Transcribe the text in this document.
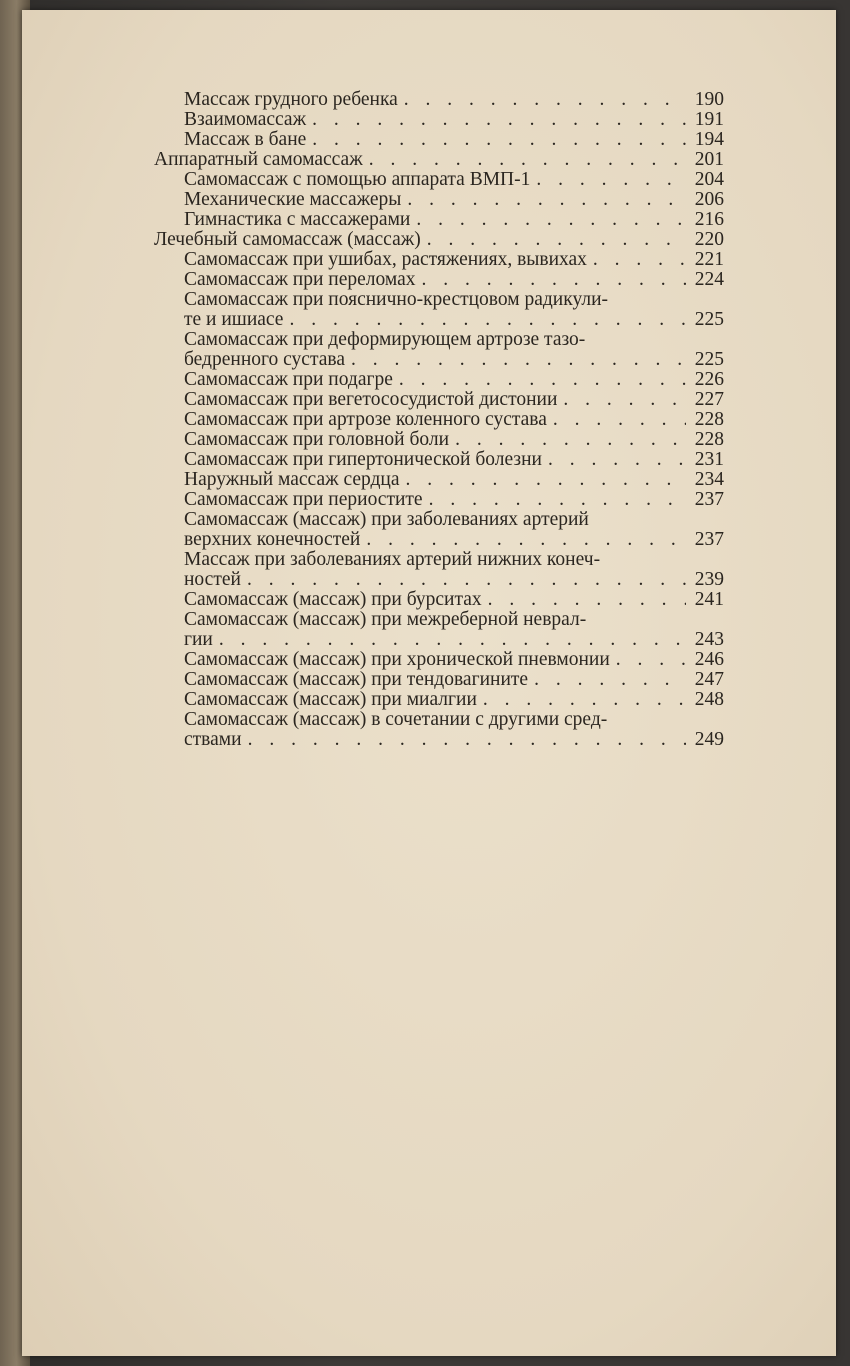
Массаж грудного ребенка . . .	190
Взаимомассаж . . .	191
Массаж в бане . . .	194
Аппаратный самомассаж . . .	201
Самомассаж с помощью аппарата ВМП-1 . . .	204
Механические массажеры . . .	206
Гимнастика с массажерами . . .	216
Лечебный самомассаж (массаж) . . .	220
Самомассаж при ушибах, растяжениях, вывихах . . .	221
Самомассаж при переломах . . .	224
Самомассаж при пояснично-крестцовом радикули-
те и ишиасе . . .	225
Самомассаж при деформирующем артрозе тазо-
бедренного сустава . . .	225
Самомассаж при подагре . . .	226
Самомассаж при вегетососудистой дистонии . . .	227
Самомассаж при артрозе коленного сустава . . .	228
Самомассаж при головной боли . . .	228
Самомассаж при гипертонической болезни . . .	231
Наружный массаж сердца . . .	234
Самомассаж при периостите . . .	237
Самомассаж (массаж) при заболеваниях артерий
верхних конечностей . . .	237
Массаж при заболеваниях артерий нижних конеч-
ностей . . .	239
Самомассаж (массаж) при бурситах . . .	241
Самомассаж (массаж) при межреберной неврал-
гии . . .	243
Самомассаж (массаж) при хронической пневмонии . . .	246
Самомассаж (массаж) при тендовагините . . .	247
Самомассаж (массаж) при миалгии . . .	248
Самомассаж (массаж) в сочетании с другими сред-
ствами . . .	249
